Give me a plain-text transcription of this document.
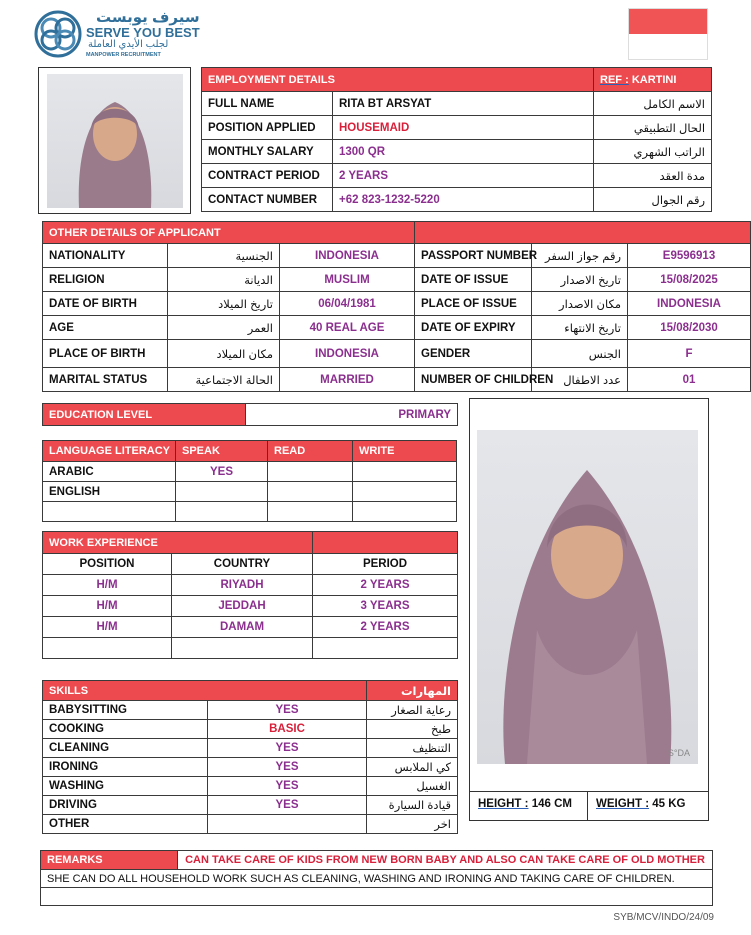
سيرف يوبست
SERVE YOU BEST
لجلب الأيدي العاملة
MANPOWER RECRUITMENT
EMPLOYMENT DETAILS		REF : KARTINI
FULL NAME	RITA BT ARSYAT	الاسم الكامل
POSITION APPLIED	HOUSEMAID	الحال التطبيقي
MONTHLY SALARY	1300 QR	الراتب الشهري
CONTRACT PERIOD	2 YEARS	مدة العقد
CONTACT NUMBER	+62 823-1232-5220	رقم الجوال
OTHER DETAILS OF APPLICANT					
NATIONALITY	الجنسية	INDONESIA	PASSPORT NUMBER	رقم جواز السفر	E9596913
RELIGION	الديانة	MUSLIM	DATE OF ISSUE	تاريخ الاصدار	15/08/2025
DATE OF BIRTH	تاريخ الميلاد	06/04/1981	PLACE OF ISSUE	مكان الاصدار	INDONESIA
AGE	العمر	40 REAL AGE	DATE OF EXPIRY	تاريخ الانتهاء	15/08/2030
PLACE OF BIRTH	مكان الميلاد	INDONESIA	GENDER	الجنس	F
MARITAL STATUS	الحالة الاجتماعية	MARRIED	NUMBER OF CHILDREN	عدد الاطفال	01
EDUCATION LEVEL	PRIMARY
LANGUAGE LITERACY	SPEAK	READ	WRITE
ARABIC	YES		
ENGLISH			

WORK EXPERIENCE		
POSITION	COUNTRY	PERIOD
H/M	RIYADH	2 YEARS
H/M	JEDDAH	3 YEARS
H/M	DAMAM	2 YEARS

SKILLS		المهارات
BABYSITTING	YES	رعاية الصغار
COOKING	BASIC	طبخ
CLEANING	YES	التنظيف
IRONING	YES	كي الملابس
WASHING	YES	الغسيل
DRIVING	YES	قيادة السيارة
OTHER		اخر
S°DA
HEIGHT : 146 CM	WEIGHT : 45 KG
REMARKS	CAN TAKE CARE OF KIDS FROM NEW BORN BABY AND ALSO CAN TAKE CARE OF OLD MOTHER
SHE CAN DO ALL HOUSEHOLD WORK SUCH AS CLEANING, WASHING AND IRONING AND TAKING CARE OF CHILDREN.

SYB/MCV/INDO/24/09
